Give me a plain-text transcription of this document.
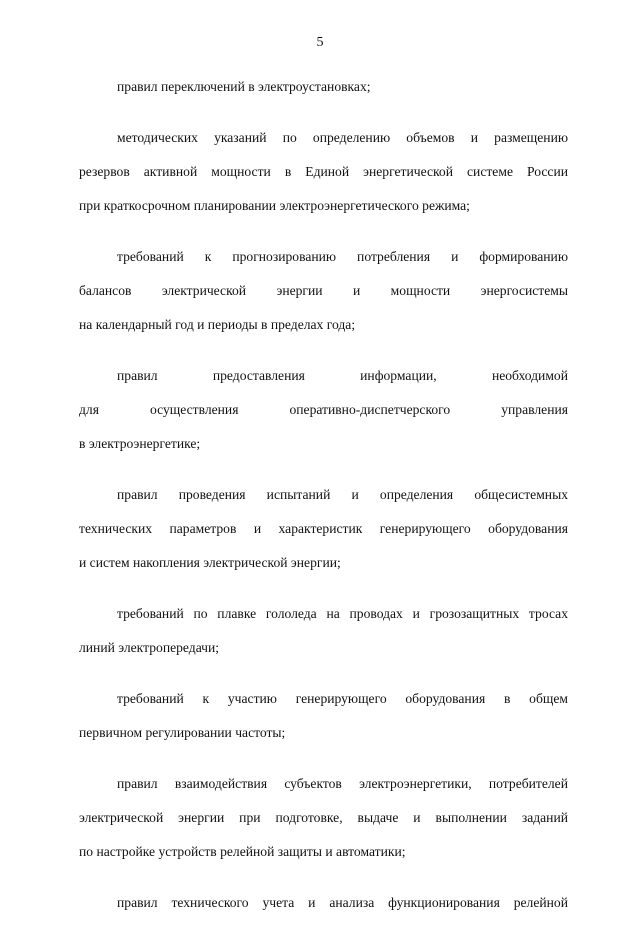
5

правил переключений в электроустановках;

методических указаний по определению объемов и размещению
резервов активной мощности в Единой энергетической системе России
при краткосрочном планировании электроэнергетического режима;

требований к прогнозированию потребления и формированию
балансов электрической энергии и мощности энергосистемы
на календарный год и периоды в пределах года;

правил предоставления информации, необходимой
для осуществления оперативно-диспетчерского управления
в электроэнергетике;

правил проведения испытаний и определения общесистемных
технических параметров и характеристик генерирующего оборудования
и систем накопления электрической энергии;

требований по плавке гололеда на проводах и грозозащитных тросах
линий электропередачи;

требований к участию генерирующего оборудования в общем
первичном регулировании частоты;

правил взаимодействия субъектов электроэнергетики, потребителей
электрической энергии при подготовке, выдаче и выполнении заданий
по настройке устройств релейной защиты и автоматики;

правил технического учета и анализа функционирования релейной
